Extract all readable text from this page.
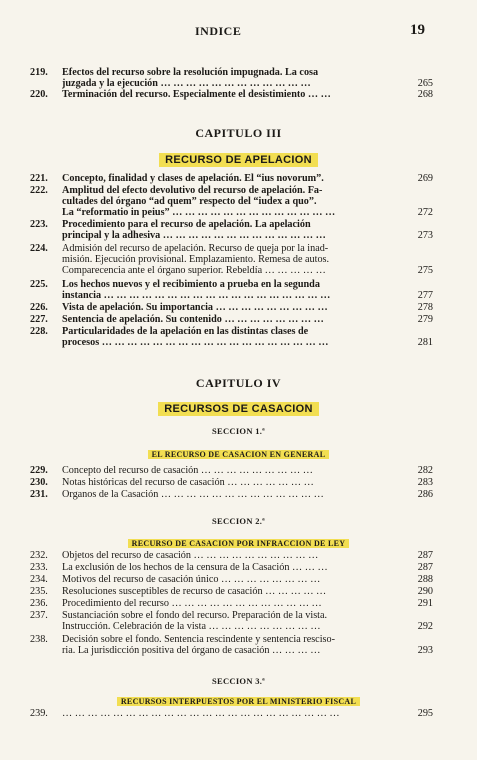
INDICE	19
219.	Efectos del recurso sobre la resolución impugnada. La cosa
juzgada y la ejecución … … … … … … … … … … … …	265
220.	Terminación del recurso. Especialmente el desistimiento … …	268
CAPITULO III
RECURSO DE APELACION
221.	Concepto, finalidad y clases de apelación. El “ius novorum”.	269
222.	Amplitud del efecto devolutivo del recurso de apelación. Fa-
cultades del órgano “ad quem” respecto del “iudex a quo”.
La “reformatio in peius” … … … … … … … … … … … … …	272
223.	Procedimiento para el recurso de apelación. La apelación
principal y la adhesiva … … … … … … … … … … … … …	273
224.	Admisión del recurso de apelación. Recurso de queja por la inad-
misión. Ejecución provisional. Emplazamiento. Remesa de autos.
Comparecencia ante el órgano superior. Rebeldía … … … … …	275
225.	Los hechos nuevos y el recibimiento a prueba en la segunda
instancia … … … … … … … … … … … … … … … … … …	277
226.	Vista de apelación. Su importancia … … … … … … … … …	278
227.	Sentencia de apelación. Su contenido … … … … … … … …	279
228.	Particularidades de la apelación en las distintas clases de
procesos … … … … … … … … … … … … … … … … … …	281
CAPITULO IV
RECURSOS DE CASACION
SECCION 1.ª
EL RECURSO DE CASACION EN GENERAL
229.	Concepto del recurso de casación … … … … … … … … …	282
230.	Notas históricas del recurso de casación … … … … … … …	283
231.	Organos de la Casación … … … … … … … … … … … … …	286
SECCION 2.ª
RECURSO DE CASACION POR INFRACCION DE LEY
232.	Objetos del recurso de casación … … … … … … … … … …	287
233.	La exclusión de los hechos de la censura de la Casación … … …	287
234.	Motivos del recurso de casación único … … … … … … … …	288
235.	Resoluciones susceptibles de recurso de casación … … … … …	290
236.	Procedimiento del recurso … … … … … … … … … … … …	291
237.	Sustanciación sobre el fondo del recurso. Preparación de la vista.
Instrucción. Celebración de la vista … … … … … … … … …	292
238.	Decisión sobre el fondo. Sentencia rescindente y sentencia resciso-
ria. La jurisdicción positiva del órgano de casación … … … …	293
SECCION 3.ª
RECURSOS INTERPUESTOS POR EL MINISTERIO FISCAL
239.	… … … … … … … … … … … … … … … … … … … … … …	295
